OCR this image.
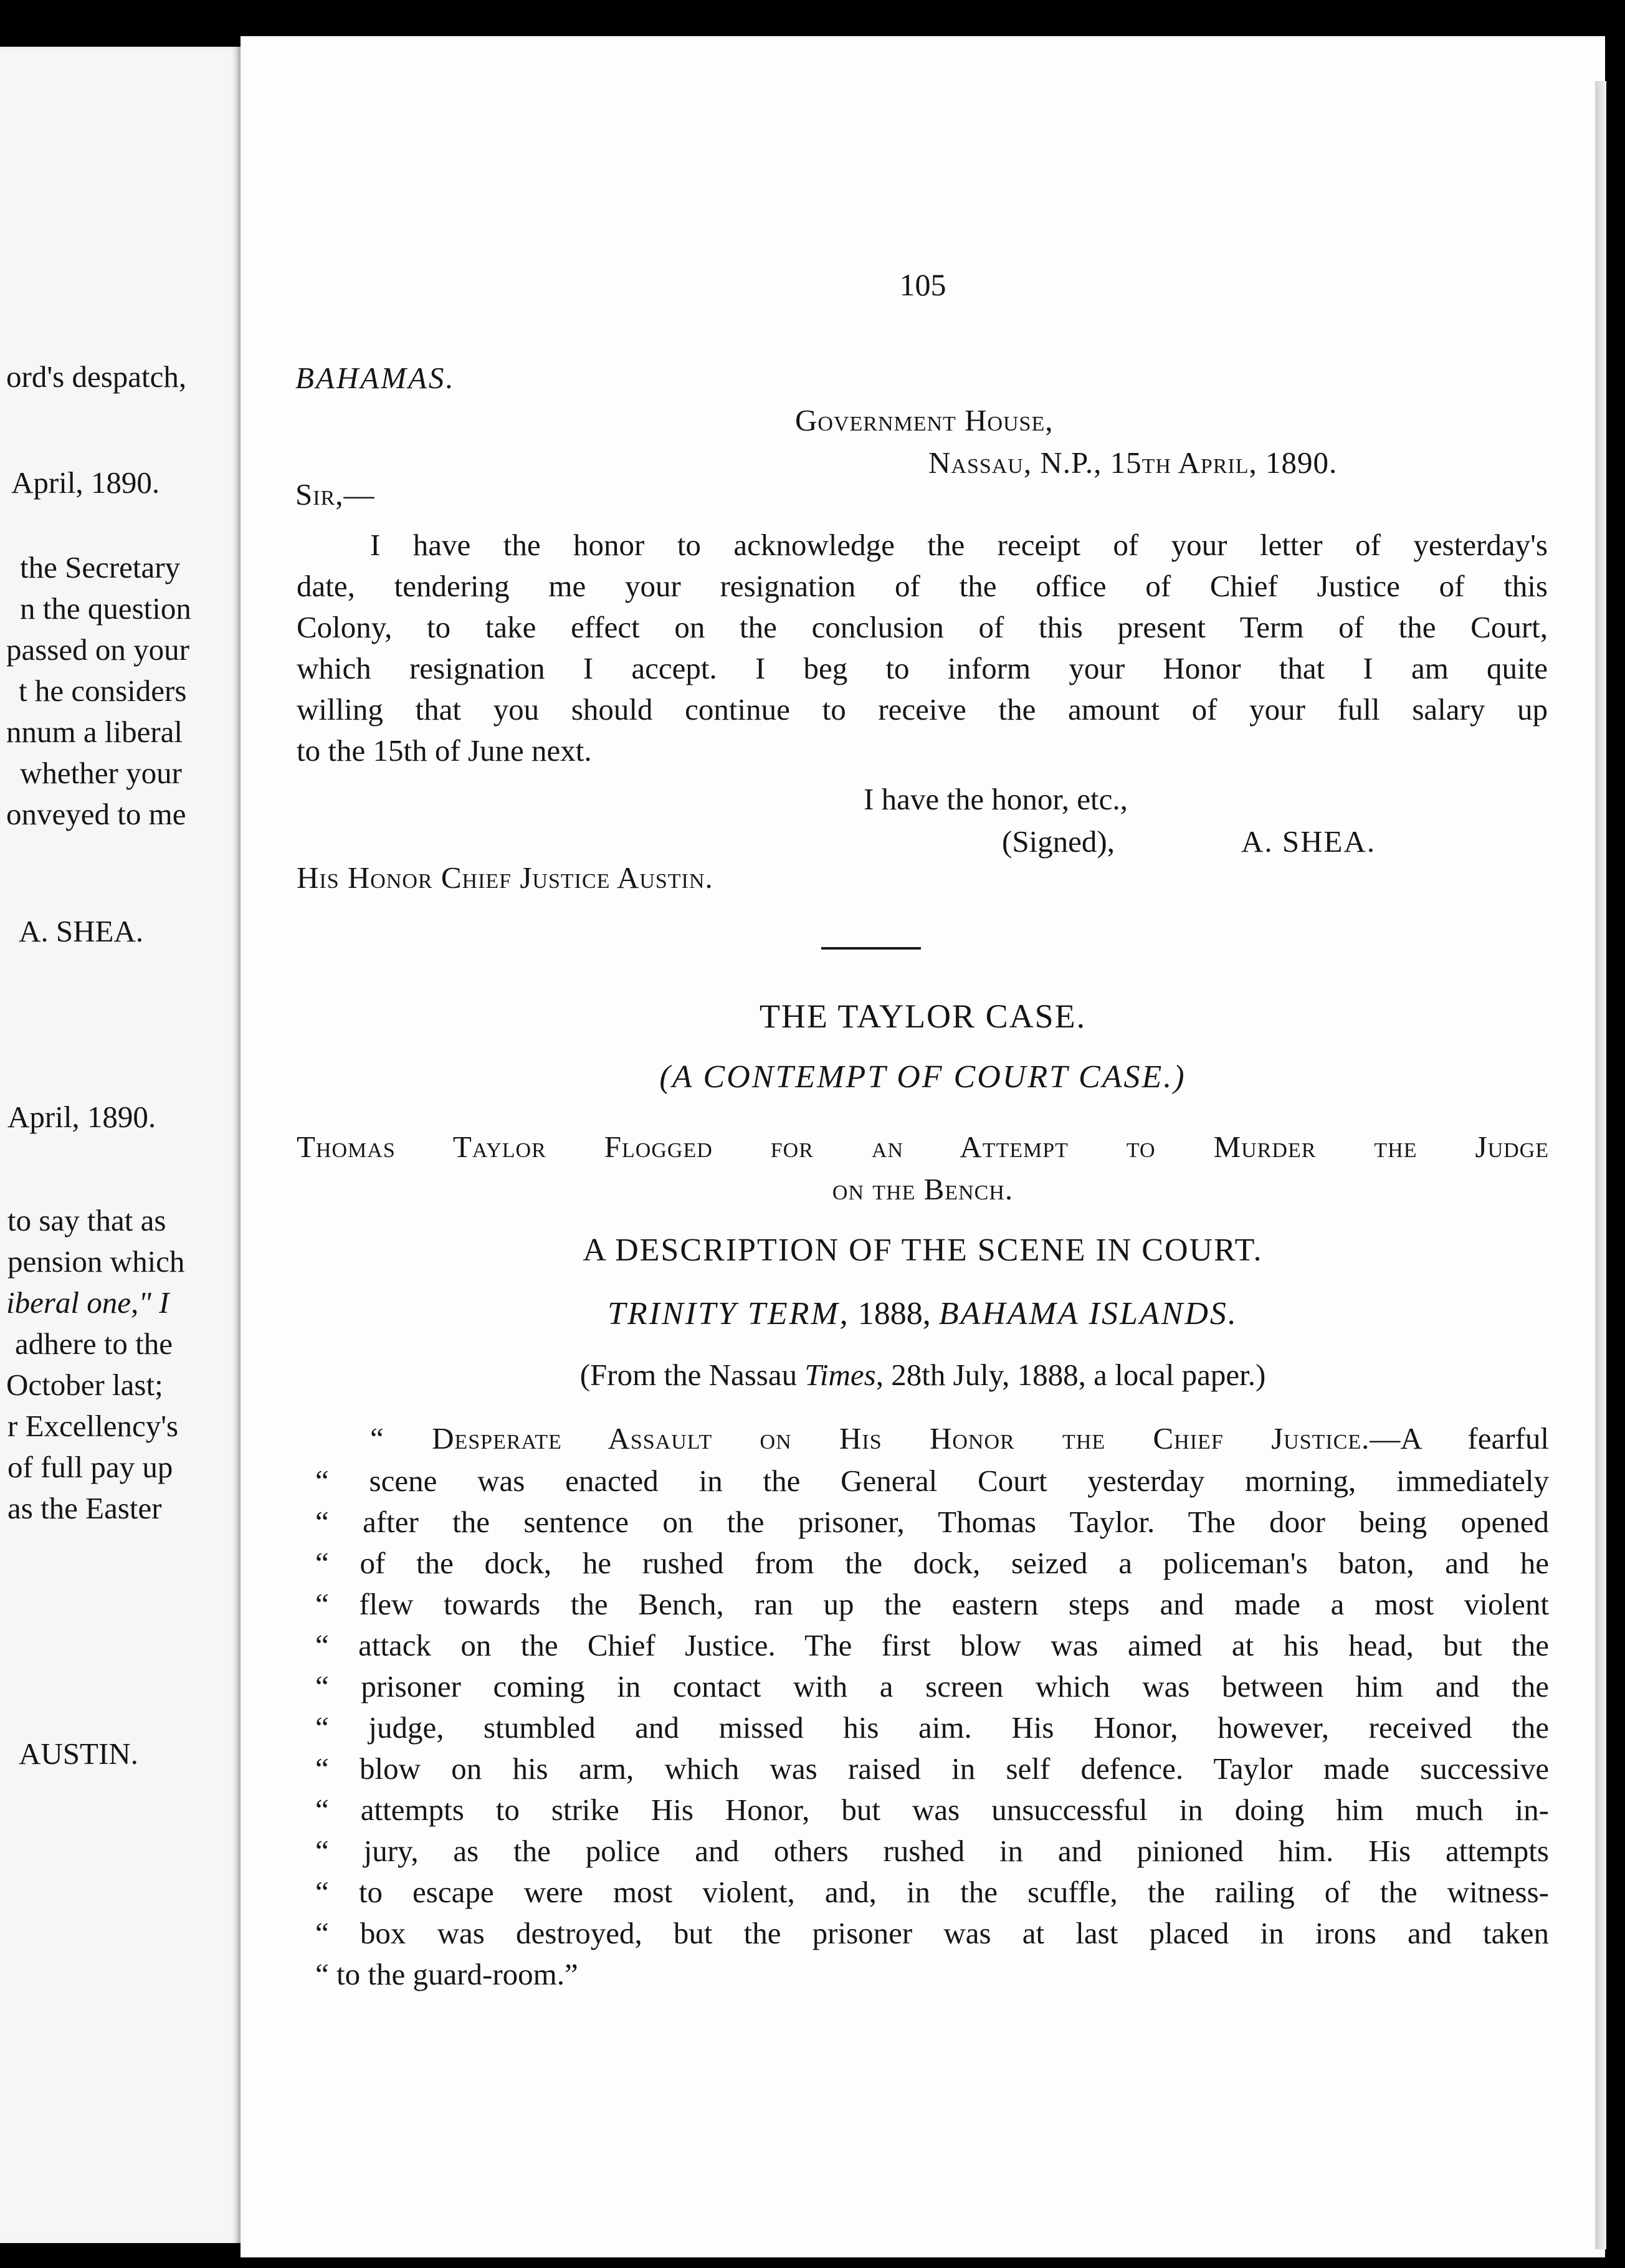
ord's despatch,
April, 1890.
the Secretary
n the question
passed on your
t he considers
nnum a liberal
whether your
onveyed to me
A. SHEA.
April, 1890.
to say that as
pension which
iberal one," I
adhere to the
October last;
r Excellency's
of full pay up
as the Easter
AUSTIN.
105
BAHAMAS.
Government House,
Nassau, N.P., 15th April, 1890.
Sir,—
I have the honor to acknowledge the receipt of your letter of yesterday's
date, tendering me your resignation of the office of Chief Justice of this
Colony, to take effect on the conclusion of this present Term of the Court,
which resignation I accept. I beg to inform your Honor that I am quite
willing that you should continue to receive the amount of your full salary up
to the 15th of June next.
I have the honor, etc.,
(Signed),	A. SHEA.
His Honor Chief Justice Austin.
THE TAYLOR CASE.
(A CONTEMPT OF COURT CASE.)
Thomas Taylor Flogged for an Attempt to Murder the Judge
on the Bench.
A DESCRIPTION OF THE SCENE IN COURT.
TRINITY TERM, 1888, BAHAMA ISLANDS.
(From the Nassau Times, 28th July, 1888, a local paper.)
“ Desperate Assault on His Honor the Chief Justice.—A fearful
“ scene was enacted in the General Court yesterday morning, immediately
“ after the sentence on the prisoner, Thomas Taylor. The door being opened
“ of the dock, he rushed from the dock, seized a policeman's baton, and he
“ flew towards the Bench, ran up the eastern steps and made a most violent
“ attack on the Chief Justice. The first blow was aimed at his head, but the
“ prisoner coming in contact with a screen which was between him and the
“ judge, stumbled and missed his aim. His Honor, however, received the
“ blow on his arm, which was raised in self defence. Taylor made successive
“ attempts to strike His Honor, but was unsuccessful in doing him much in-
“ jury, as the police and others rushed in and pinioned him. His attempts
“ to escape were most violent, and, in the scuffle, the railing of the witness-
“ box was destroyed, but the prisoner was at last placed in irons and taken
“ to the guard-room.”
